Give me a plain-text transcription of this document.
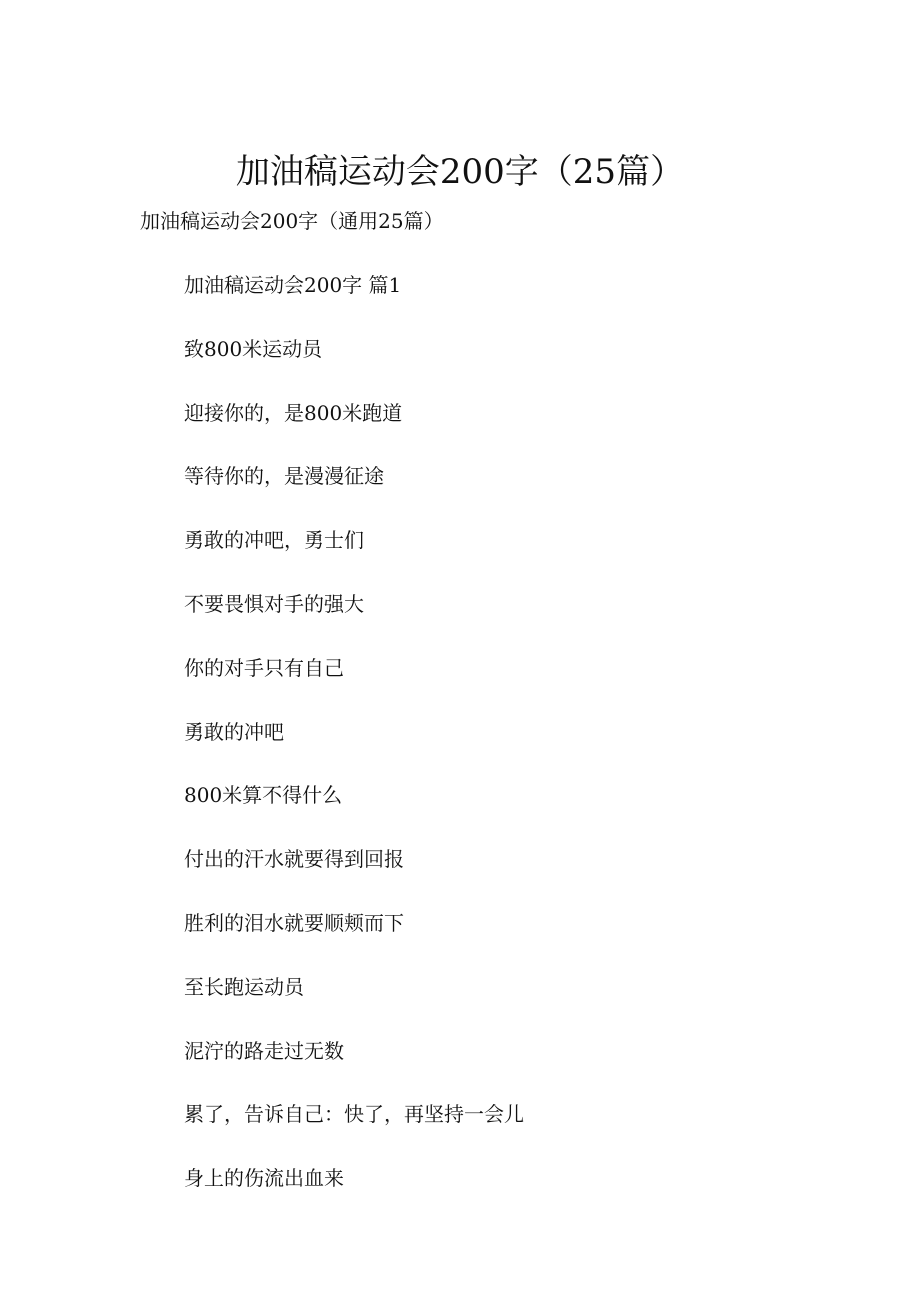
加油稿运动会200字（25篇）

加油稿运动会200字（通用25篇）

加油稿运动会200字 篇1
致800米运动员
迎接你的，是800米跑道
等待你的，是漫漫征途
勇敢的冲吧，勇士们
不要畏惧对手的强大
你的对手只有自己
勇敢的冲吧
800米算不得什么
付出的汗水就要得到回报
胜利的泪水就要顺颊而下
至长跑运动员
泥泞的路走过无数
累了，告诉自己：快了，再坚持一会儿
身上的伤流出血来
